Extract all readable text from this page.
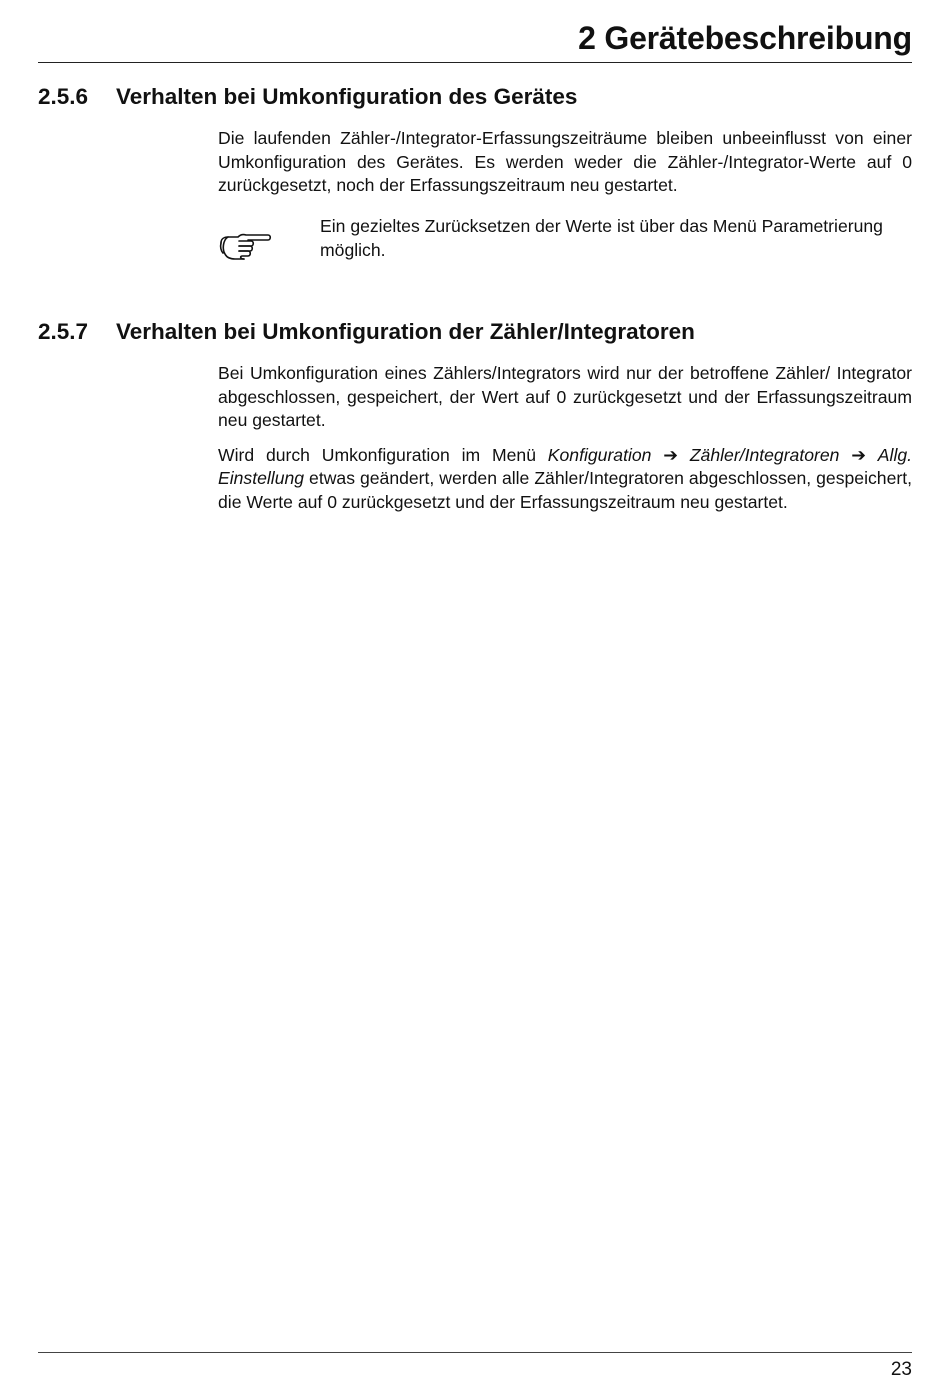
2 Gerätebeschreibung
2.5.6 Verhalten bei Umkonfiguration des Gerätes

Die laufenden Zähler-/Integrator-Erfassungszeiträume bleiben unbeeinflusst von einer Umkonfiguration des Gerätes. Es werden weder die Zähler-/Integrator-Werte auf 0 zurückgesetzt, noch der Erfassungszeitraum neu gestartet.

Ein gezieltes Zurücksetzen der Werte ist über das Menü Parametrierung möglich.
2.5.7 Verhalten bei Umkonfiguration der Zähler/Integratoren

Bei Umkonfiguration eines Zählers/Integrators wird nur der betroffene Zähler/ Integrator abgeschlossen, gespeichert, der Wert auf 0 zurückgesetzt und der Erfassungszeitraum neu gestartet.

Wird durch Umkonfiguration im Menü Konfiguration ➔ Zähler/Integratoren ➔ Allg. Einstellung etwas geändert, werden alle Zähler/Integratoren abgeschlossen, gespeichert, die Werte auf 0 zurückgesetzt und der Erfassungszeitraum neu gestartet.

23
